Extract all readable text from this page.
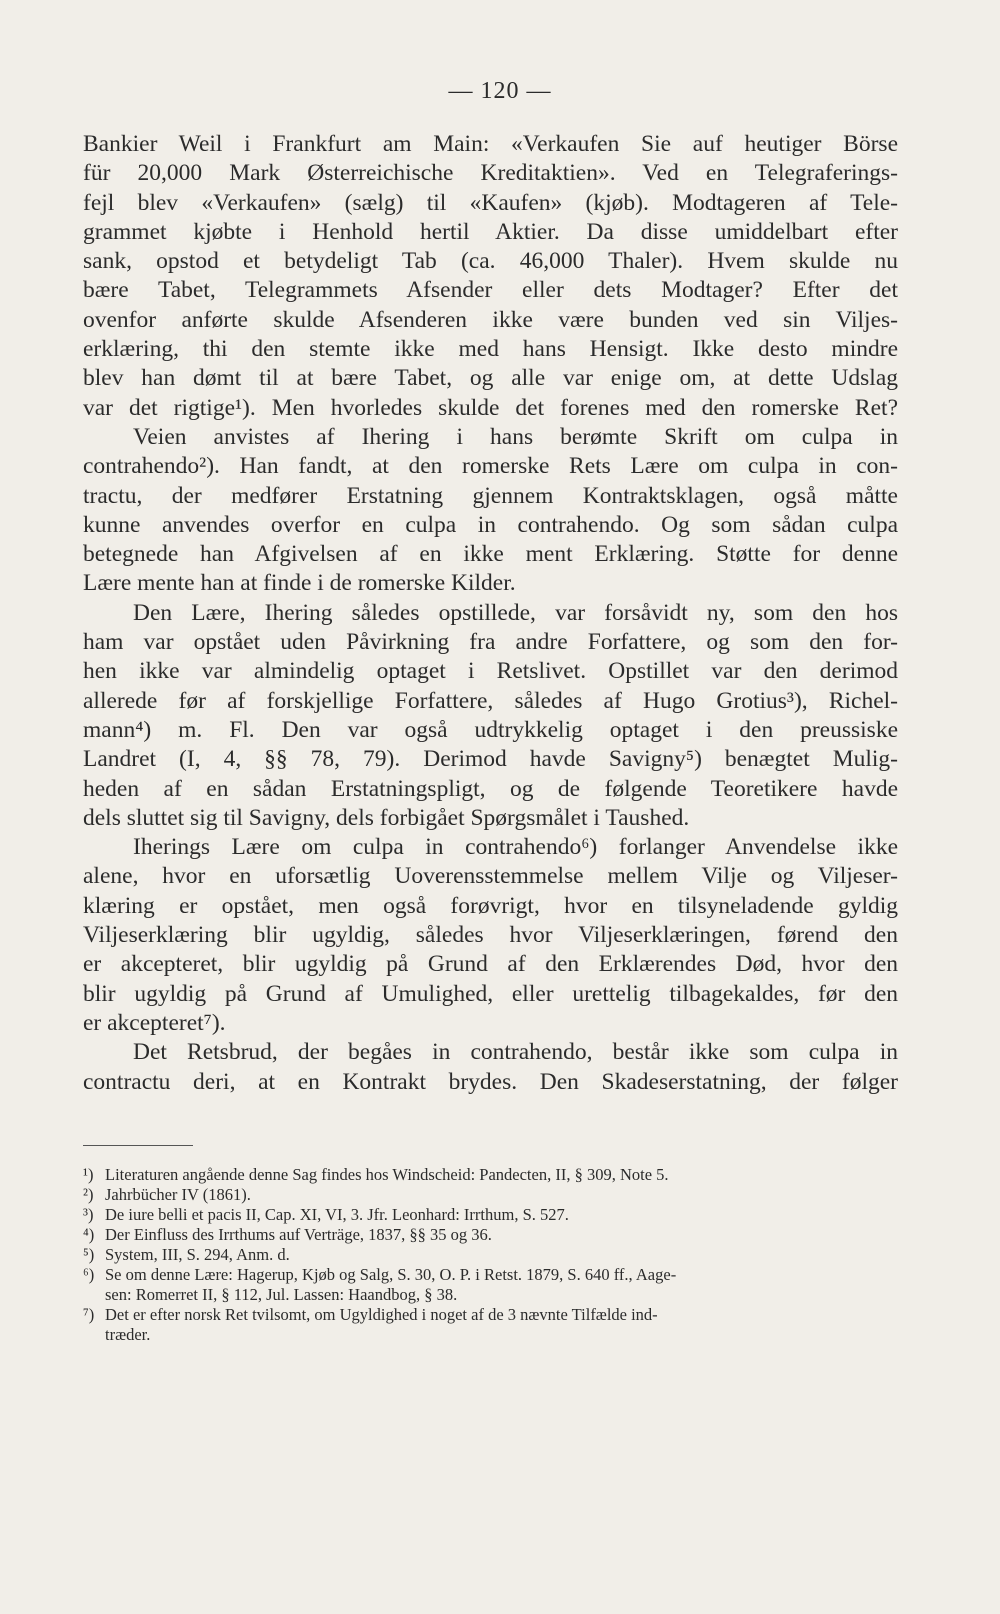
— 120 —
Bankier Weil i Frankfurt am Main: «Verkaufen Sie auf heutiger Börse
für 20,000 Mark Østerreichische Kreditaktien». Ved en Telegraferings-
fejl blev «Verkaufen» (sælg) til «Kaufen» (kjøb). Modtageren af Tele-
grammet kjøbte i Henhold hertil Aktier. Da disse umiddelbart efter
sank, opstod et betydeligt Tab (ca. 46,000 Thaler). Hvem skulde nu
bære Tabet, Telegrammets Afsender eller dets Modtager? Efter det
ovenfor anførte skulde Afsenderen ikke være bunden ved sin Viljes-
erklæring, thi den stemte ikke med hans Hensigt. Ikke desto mindre
blev han dømt til at bære Tabet, og alle var enige om, at dette Udslag
var det rigtige¹). Men hvorledes skulde det forenes med den romerske Ret?
Veien anvistes af Ihering i hans berømte Skrift om culpa in
contrahendo²). Han fandt, at den romerske Rets Lære om culpa in con-
tractu, der medfører Erstatning gjennem Kontraktsklagen, også måtte
kunne anvendes overfor en culpa in contrahendo. Og som sådan culpa
betegnede han Afgivelsen af en ikke ment Erklæring. Støtte for denne
Lære mente han at finde i de romerske Kilder.
Den Lære, Ihering således opstillede, var forsåvidt ny, som den hos
ham var opstået uden Påvirkning fra andre Forfattere, og som den for-
hen ikke var almindelig optaget i Retslivet. Opstillet var den derimod
allerede før af forskjellige Forfattere, således af Hugo Grotius³), Richel-
mann⁴) m. Fl. Den var også udtrykkelig optaget i den preussiske
Landret (I, 4, §§ 78, 79). Derimod havde Savigny⁵) benægtet Mulig-
heden af en sådan Erstatningspligt, og de følgende Teoretikere havde
dels sluttet sig til Savigny, dels forbigået Spørgsmålet i Taushed.
Iherings Lære om culpa in contrahendo⁶) forlanger Anvendelse ikke
alene, hvor en uforsætlig Uoverensstemmelse mellem Vilje og Viljeser-
klæring er opstået, men også forøvrigt, hvor en tilsyneladende gyldig
Viljeserklæring blir ugyldig, således hvor Viljeserklæringen, førend den
er akcepteret, blir ugyldig på Grund af den Erklærendes Død, hvor den
blir ugyldig på Grund af Umulighed, eller urettelig tilbagekaldes, før den
er akcepteret⁷).
Det Retsbrud, der begåes in contrahendo, består ikke som culpa in
contractu deri, at en Kontrakt brydes. Den Skadeserstatning, der følger
¹) Literaturen angående denne Sag findes hos Windscheid: Pandecten, II, § 309, Note 5.
²) Jahrbücher IV (1861).
³) De iure belli et pacis II, Cap. XI, VI, 3. Jfr. Leonhard: Irrthum, S. 527.
⁴) Der Einfluss des Irrthums auf Verträge, 1837, §§ 35 og 36.
⁵) System, III, S. 294, Anm. d.
⁶) Se om denne Lære: Hagerup, Kjøb og Salg, S. 30, O. P. i Retst. 1879, S. 640 ff., Aage-
sen: Romerret II, § 112, Jul. Lassen: Haandbog, § 38.
⁷) Det er efter norsk Ret tvilsomt, om Ugyldighed i noget af de 3 nævnte Tilfælde ind-
træder.
